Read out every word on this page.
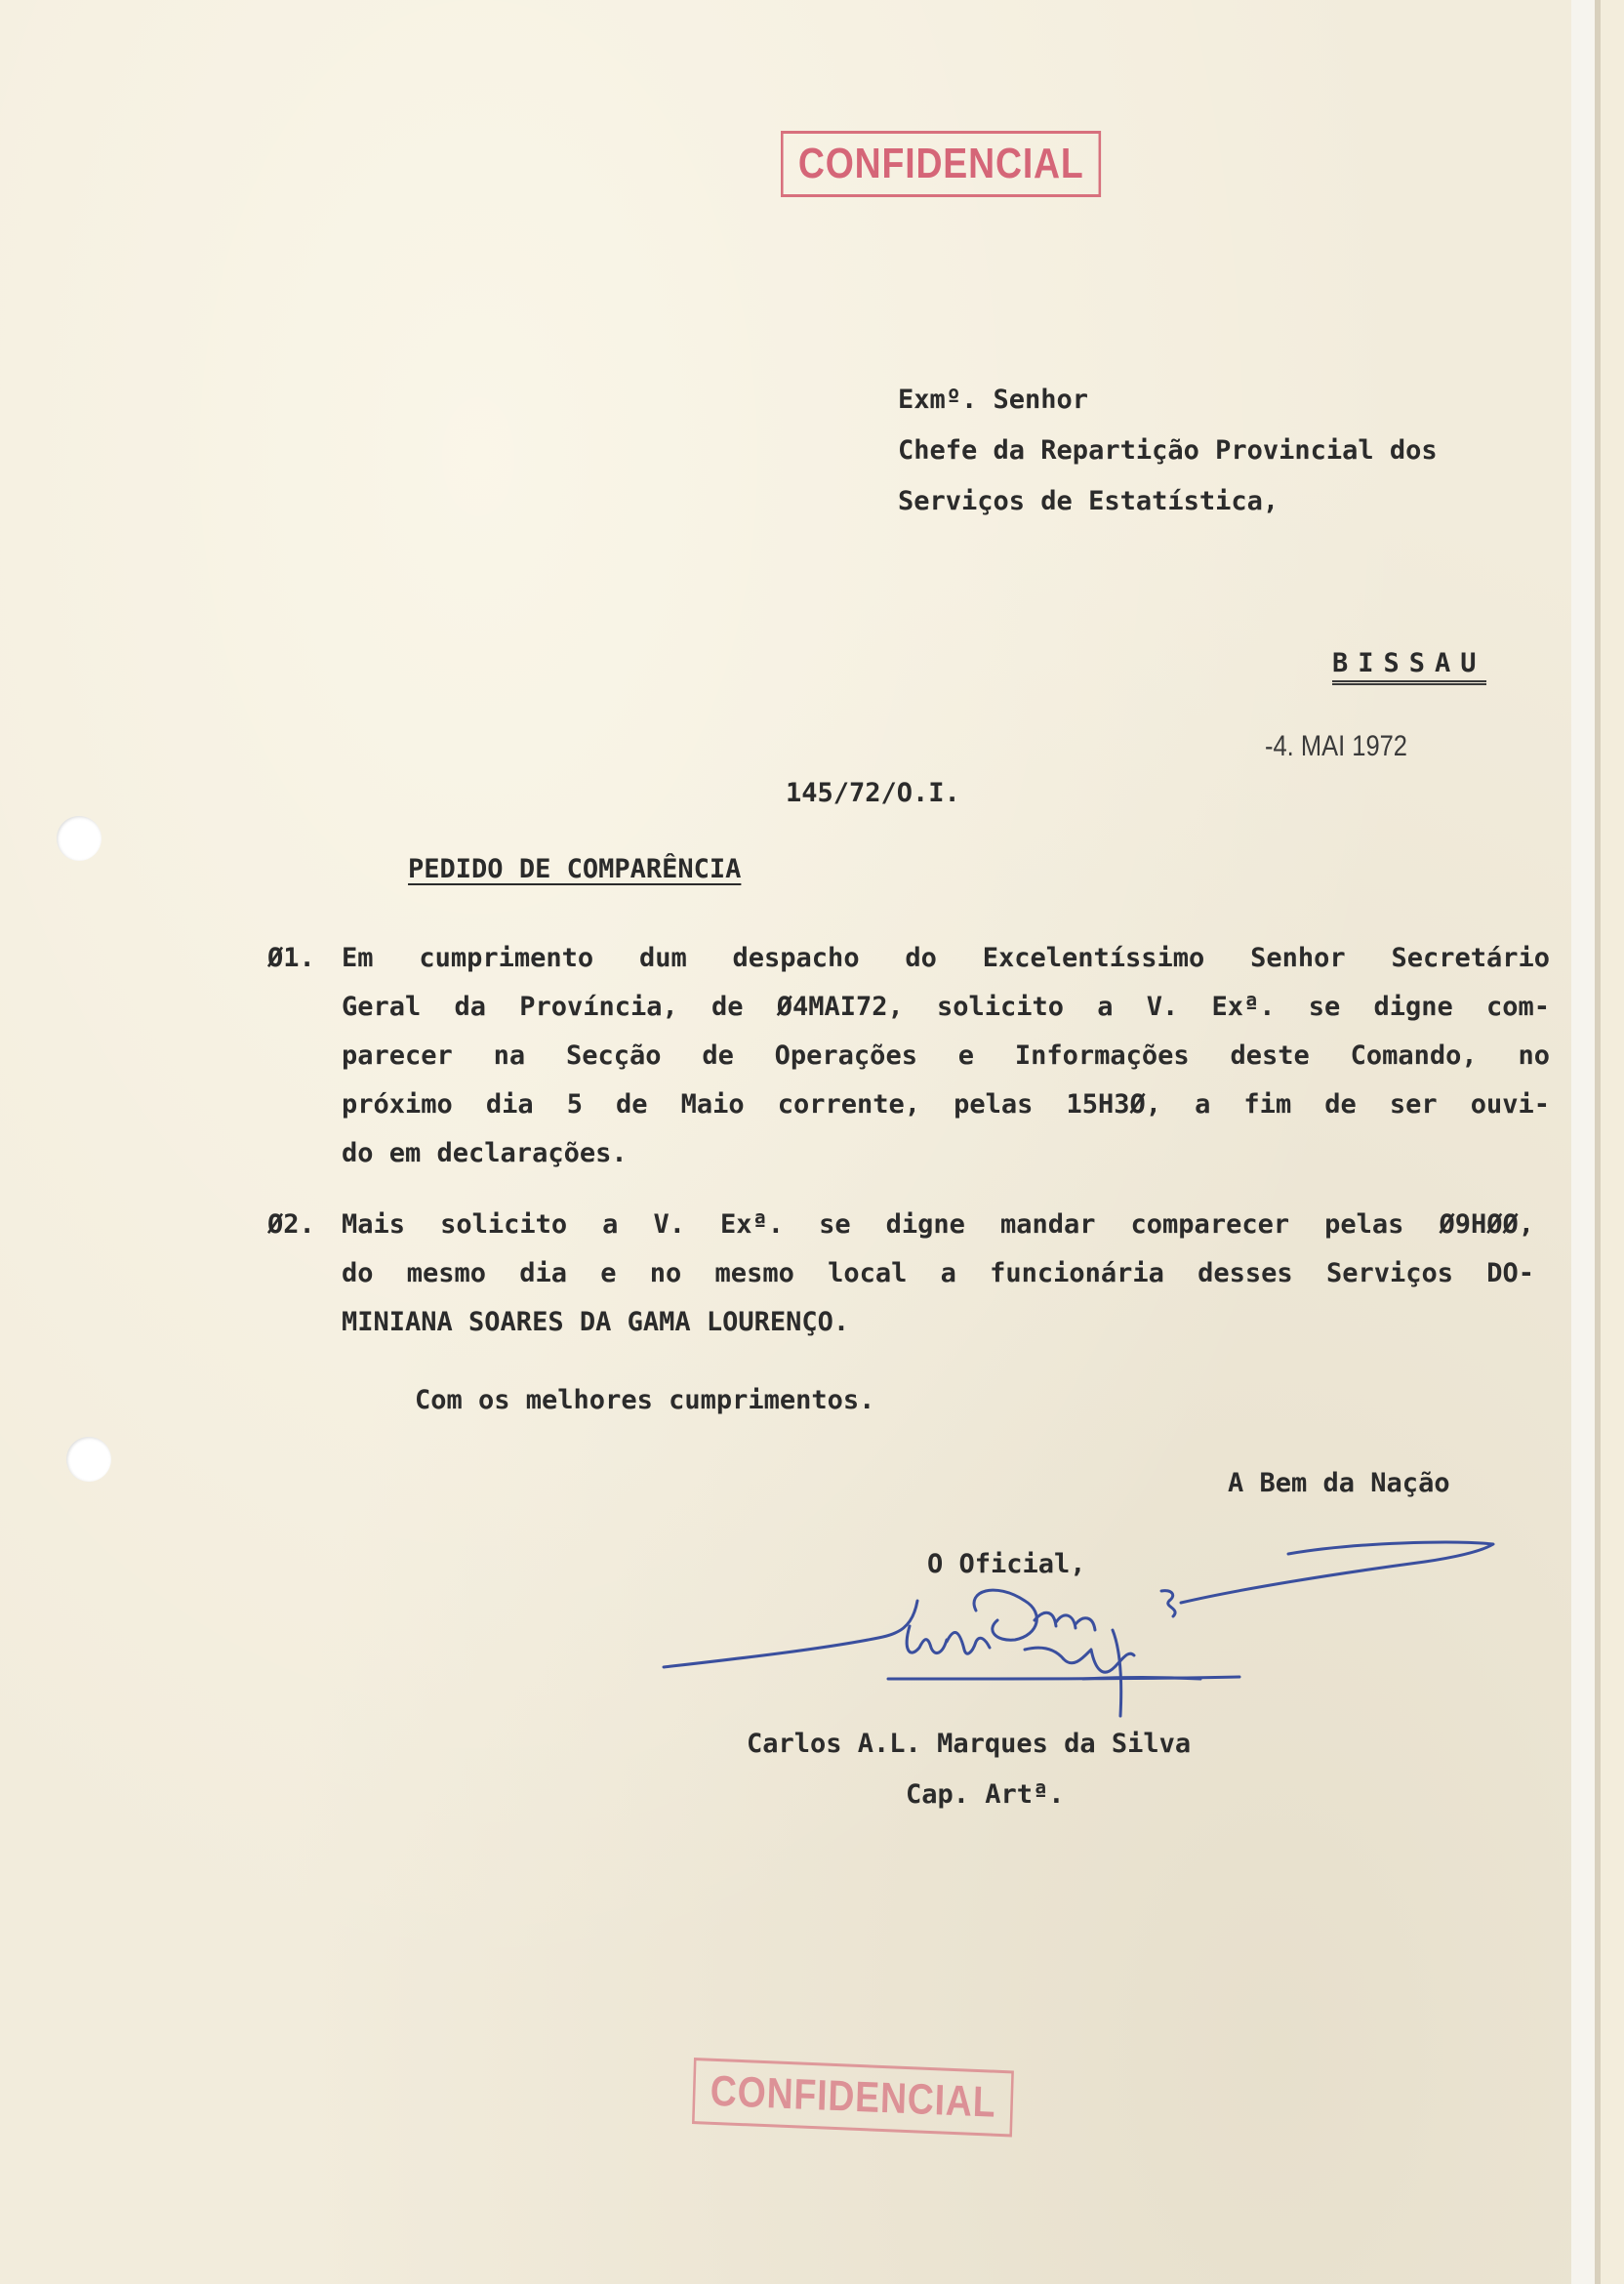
CONFIDENCIAL
Exmº. Senhor
Chefe da Repartição Provincial dos
Serviços de Estatística,

BISSAU

-4. MAI 1972
145/72/O.I.

PEDIDO DE COMPARÊNCIA

Ø1. Em cumprimento dum despacho do Excelentíssimo Senhor Secretário
Geral da Província, de Ø4MAI72, solicito a V. Exª. se digne com-
parecer na Secção de Operações e Informações deste Comando, no
próximo dia 5 de Maio corrente, pelas 15H3Ø, a fim de ser ouvi-
do em declarações.
Ø2. Mais solicito a V. Exª. se digne mandar comparecer pelas Ø9HØØ,
do mesmo dia e no mesmo local a funcionária desses Serviços DO-
MINIANA SOARES DA GAMA LOURENÇO.
Com os melhores cumprimentos.
A Bem da Nação
O Oficial,
Carlos A.L. Marques da Silva
Cap. Artª.
CONFIDENCIAL
